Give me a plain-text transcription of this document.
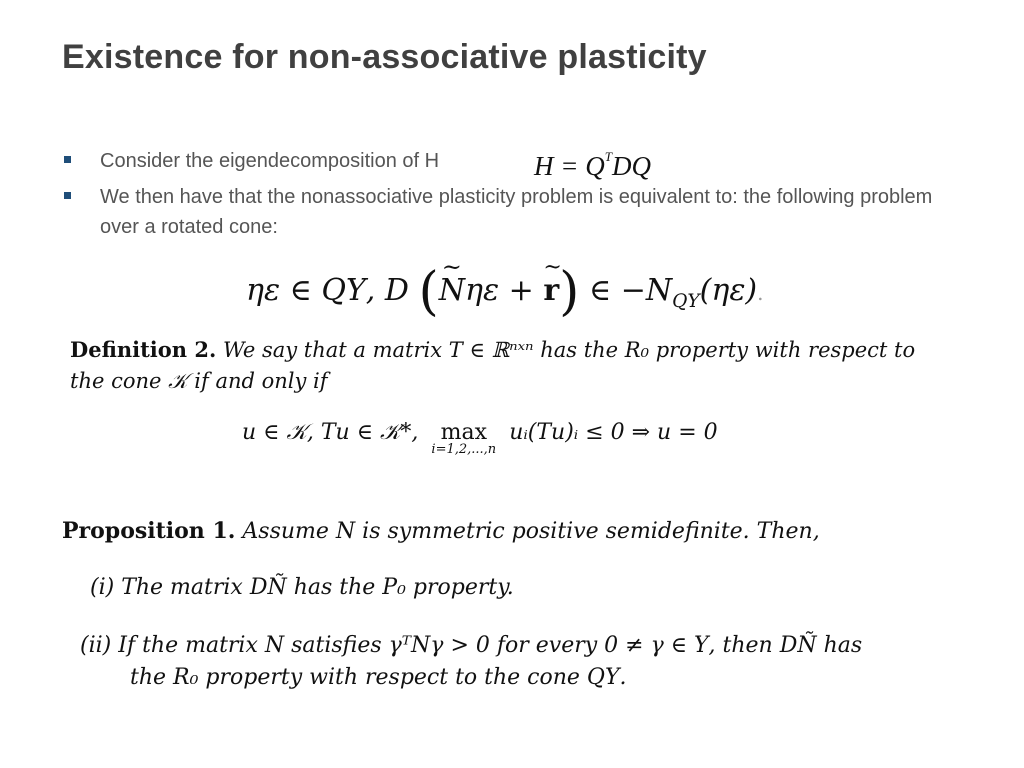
Existence for non-associative plasticity
Consider the eigendecomposition of H	$H = Q^TDQ$
We then have that the nonassociative plasticity problem is equivalent to: the following problem over a rotated cone:
ηε ∈ QΥ, D (~ Nηε + ~ r) ∈ $-N_{Q\Upsilon}(\eta\varepsilon)$.
Definition 2. We say that a matrix T ∈ ℝⁿˣⁿ has the R₀ property with respect to the cone 𝒦 if and only if
u ∈ 𝒦, Tu ∈ 𝒦*, max
i=1,2,...,n
uᵢ(Tu)ᵢ ≤ 0 ⇒ u = 0
Proposition 1. Assume N is symmetric positive semidefinite. Then,
(i) The matrix DÑ has the P₀ property.
(ii) If the matrix N satisfies γᵀNγ > 0 for every 0 ≠ γ ∈ Υ, then DÑ has
the R₀ property with respect to the cone QΥ.
